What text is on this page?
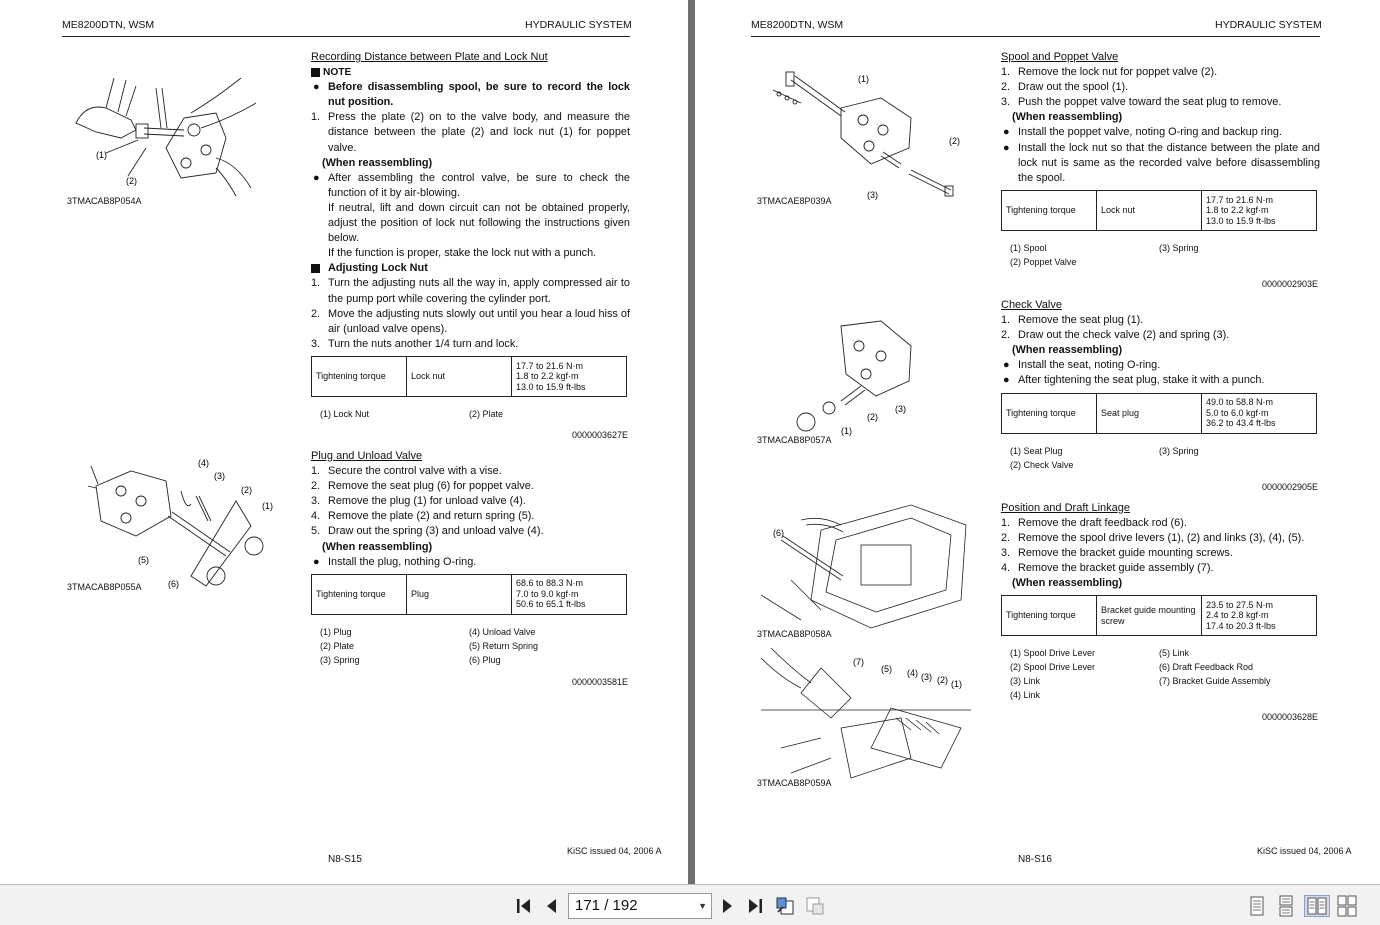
ME8200DTN, WSM	HYDRAULIC SYSTEM
(1)
(2)
3TMACAB8P054A
(4)
(3)
(2)
(1)
(5)
(6)
3TMACAB8P055A
Recording Distance between Plate and Lock Nut
NOTE
● Before disassembling spool, be sure to record the lock nut position.
1. Press the plate (2) on to the valve body, and measure the distance between the plate (2) and lock nut (1) for poppet valve.
(When reassembling)
● After assembling the control valve, be sure to check the function of it by air-blowing.
If neutral, lift and down circuit can not be obtained properly, adjust the position of lock nut following the instructions given below.
If the function is proper, stake the lock nut with a punch.
Adjusting Lock Nut
1. Turn the adjusting nuts all the way in, apply compressed air to the pump port while covering the cylinder port.
2. Move the adjusting nuts slowly out until you hear a loud hiss of air (unload valve opens).
3. Turn the nuts another 1/4 turn and lock.
Tightening torque	Lock nut	
17.7 to 21.6 N·m
1.8 to 2.2 kgf·m
13.0 to 15.9 ft-lbs
(1) Lock Nut	(2) Plate
0000003627E
Plug and Unload Valve
1. Secure the control valve with a vise.
2. Remove the seat plug (6) for poppet valve.
3. Remove the plug (1) for unload valve (4).
4. Remove the plate (2) and return spring (5).
5. Draw out the spring (3) and unload valve (4).
(When reassembling)
● Install the plug, nothing O-ring.
Tightening torque	Plug	
68.6 to 88.3 N·m
7.0 to 9.0 kgf·m
50.6 to 65.1 ft-lbs
(1) Plug	(4) Unload Valve
(2) Plate	(5) Return Spring
(3) Spring	(6) Plug
0000003581E
N8-S15
KiSC issued 04, 2006 A
ME8200DTN, WSM	HYDRAULIC SYSTEM
(1)
(2)
(3)
3TMACAE8P039A
(3)
(2)
(1)
3TMACAB8P057A
(6)
3TMACAB8P058A
(7)
(5) (4) (3) (2) (1)
3TMACAB8P059A
Spool and Poppet Valve
1. Remove the lock nut for poppet valve (2).
2. Draw out the spool (1).
3. Push the poppet valve toward the seat plug to remove.
(When reassembling)
● Install the poppet valve, noting O-ring and backup ring.
● Install the lock nut so that the distance between the plate and lock nut is same as the recorded valve before disassembling the spool.
Tightening torque	Lock nut	
17.7 to 21.6 N·m
1.8 to 2.2 kgf·m
13.0 to 15.9 ft-lbs
(1) Spool	(3) Spring
(2) Poppet Valve
0000002903E
Check Valve
1. Remove the seat plug (1).
2. Draw out the check valve (2) and spring (3).
(When reassembling)
● Install the seat, noting O-ring.
● After tightening the seat plug, stake it with a punch.
Tightening torque	Seat plug	
49.0 to 58.8 N·m
5.0 to 6.0 kgf·m
36.2 to 43.4 ft-lbs
(1) Seat Plug	(3) Spring
(2) Check Valve
0000002905E
Position and Draft Linkage
1. Remove the draft feedback rod (6).
2. Remove the spool drive levers (1), (2) and links (3), (4), (5).
3. Remove the bracket guide mounting screws.
4. Remove the bracket guide assembly (7).
(When reassembling)
Tightening torque	Bracket guide mounting screw	
23.5 to 27.5 N·m
2.4 to 2.8 kgf·m
17.4 to 20.3 ft-lbs
(1) Spool Drive Lever	(5) Link
(2) Spool Drive Lever	(6) Draft Feedback Rod
(3) Link	(7) Bracket Guide Assembly
(4) Link
0000003628E
N8-S16
KiSC issued 04, 2006 A
171 / 192	▼
